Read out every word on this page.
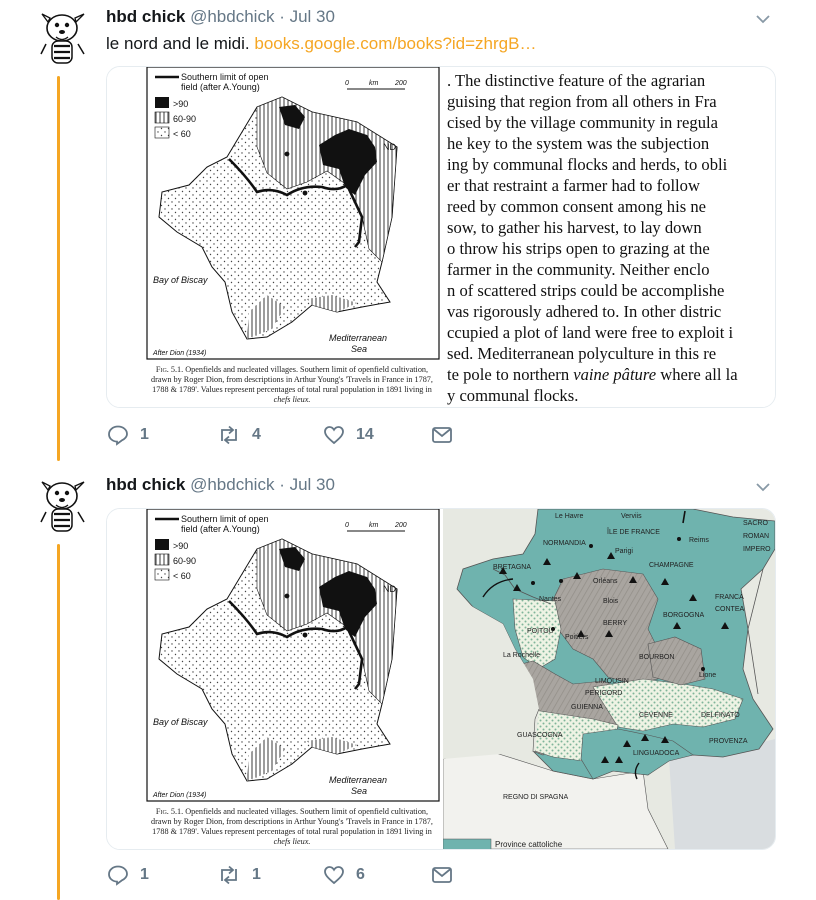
hbd chick @hbdchick · Jul 30
le nord and le midi. books.google.com/books?id=zhrgB…
Southern limit of open
field (after A.Young)
>90
60-90
< 60
0	km 200
ND
Bay of Biscay
Mediterranean
Sea
After Dion (1934)
Fig. 5.1. Openfields and nucleated villages. Southern limit of openfield cultivation, drawn by Roger Dion, from descriptions in Arthur Young's 'Travels in France in 1787, 1788 & 1789'. Values represent percentages of total rural population in 1891 living in chefs lieux.
. The distinctive feature of the agrarian
guising that region from all others in Fra
cised by the village community in regula
he key to the system was the subjection
ing by communal flocks and herds, to obli
er that restraint a farmer had to follow
reed by common consent among his ne
sow, to gather his harvest, to lay down
o throw his strips open to grazing at the
farmer in the community. Neither enclo
n of scattered strips could be accomplishe
vas rigorously adhered to. In other distric
ccupied a plot of land were free to exploit i
sed. Mediterranean polyculture in this re
te pole to northern vaine pâture where all la
y communal flocks.
1	4	14
hbd chick @hbdchick · Jul 30
Southern limit of open
field (after A.Young)
>90
60-90
< 60
0	km 200
ND
Bay of Biscay
Mediterranean
Sea
After Dion (1934)
Fig. 5.1. Openfields and nucleated villages. Southern limit of openfield cultivation, drawn by Roger Dion, from descriptions in Arthur Young's 'Travels in France in 1787, 1788 & 1789'. Values represent percentages of total rural population in 1891 living in chefs lieux.
Le Havre	Verviis
SACRO
ROMAN
IMPERO
NORMANDIA
ÎLE DE FRANCE
Reims
Parigi
BRETAGNA	CHAMPAGNE
Orléans
Nantes	Blois
FRANCA
CONTEA
BORGOGNA
BERRY
POITOU
Poitiers
La Rochelle	BOURBON
Lione
LIMOUSIN
PERIGORD
GUIENNA
CEVENNE	DELFINATO
GUASCOGNA
LINGUADOCA
PROVENZA
REGNO DI SPAGNA
Province cattoliche
1	1	6
